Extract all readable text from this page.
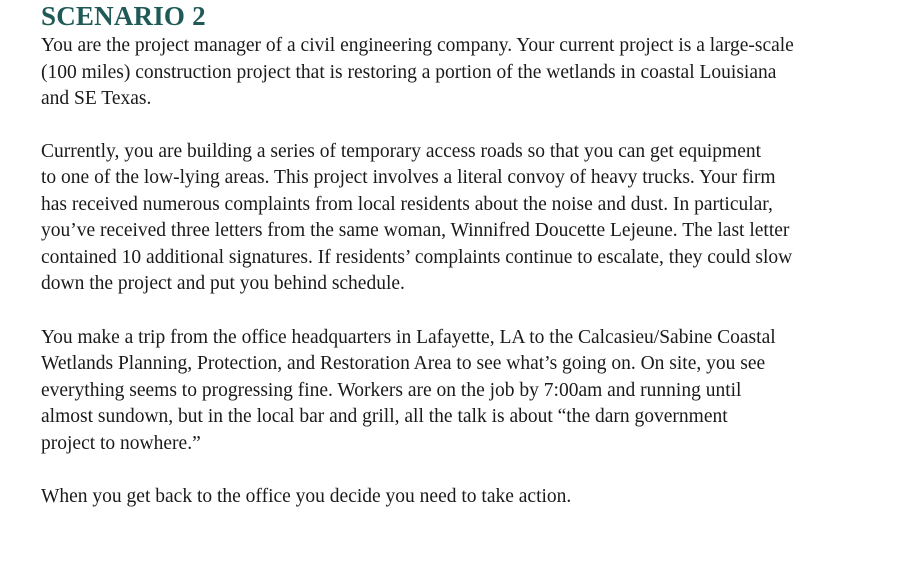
SCENARIO 2

You are the project manager of a civil engineering company. Your current project is a large-scale
(100 miles) construction project that is restoring a portion of the wetlands in coastal Louisiana
and SE Texas.

Currently, you are building a series of temporary access roads so that you can get equipment
to one of the low-lying areas. This project involves a literal convoy of heavy trucks. Your firm
has received numerous complaints from local residents about the noise and dust. In particular,
you’ve received three letters from the same woman, Winnifred Doucette Lejeune. The last letter
contained 10 additional signatures. If residents’ complaints continue to escalate, they could slow
down the project and put you behind schedule.

You make a trip from the office headquarters in Lafayette, LA to the Calcasieu/Sabine Coastal
Wetlands Planning, Protection, and Restoration Area to see what’s going on. On site, you see
everything seems to progressing fine. Workers are on the job by 7:00am and running until
almost sundown, but in the local bar and grill, all the talk is about “the darn government
project to nowhere.”

When you get back to the office you decide you need to take action.
